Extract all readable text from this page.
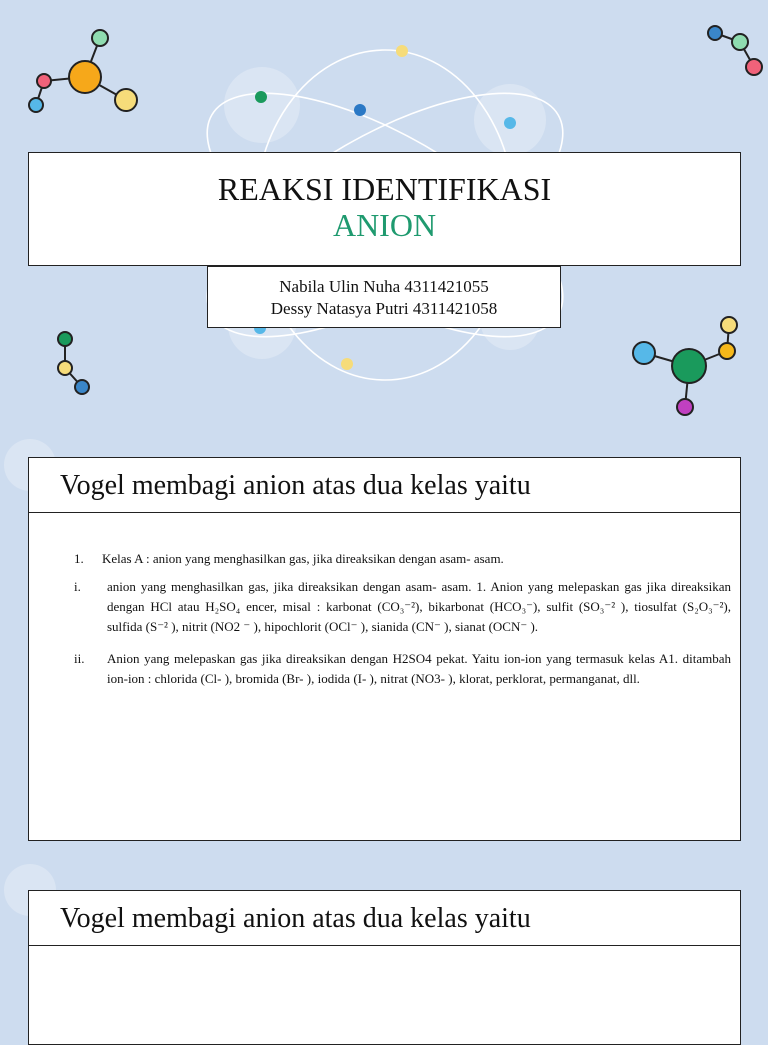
REAKSI IDENTIFIKASI
ANION
Nabila Ulin Nuha 4311421055
Dessy Natasya Putri 4311421058
Vogel membagi anion atas dua kelas yaitu
1. Kelas A : anion yang menghasilkan gas, jika direaksikan dengan asam- asam.
i. anion yang menghasilkan gas, jika direaksikan dengan asam- asam. 1. Anion yang melepaskan gas jika direaksikan dengan HCl atau H₂SO₄ encer, misal : karbonat (CO₃⁻²), bikarbonat (HCO₃⁻), sulfit (SO₃⁻² ), tiosulfat (S₂O₃⁻²), sulfida (S⁻² ), nitrit (NO2 ⁻ ), hipochlorit (OCl⁻ ), sianida (CN⁻ ), sianat (OCN⁻ ).
ii. Anion yang melepaskan gas jika direaksikan dengan H2SO4 pekat. Yaitu ion-ion yang termasuk kelas A1. ditambah ion-ion : chlorida (Cl- ), bromida (Br- ), iodida (I- ), nitrat (NO3- ), klorat, perklorat, permanganat, dll.
Vogel membagi anion atas dua kelas yaitu
